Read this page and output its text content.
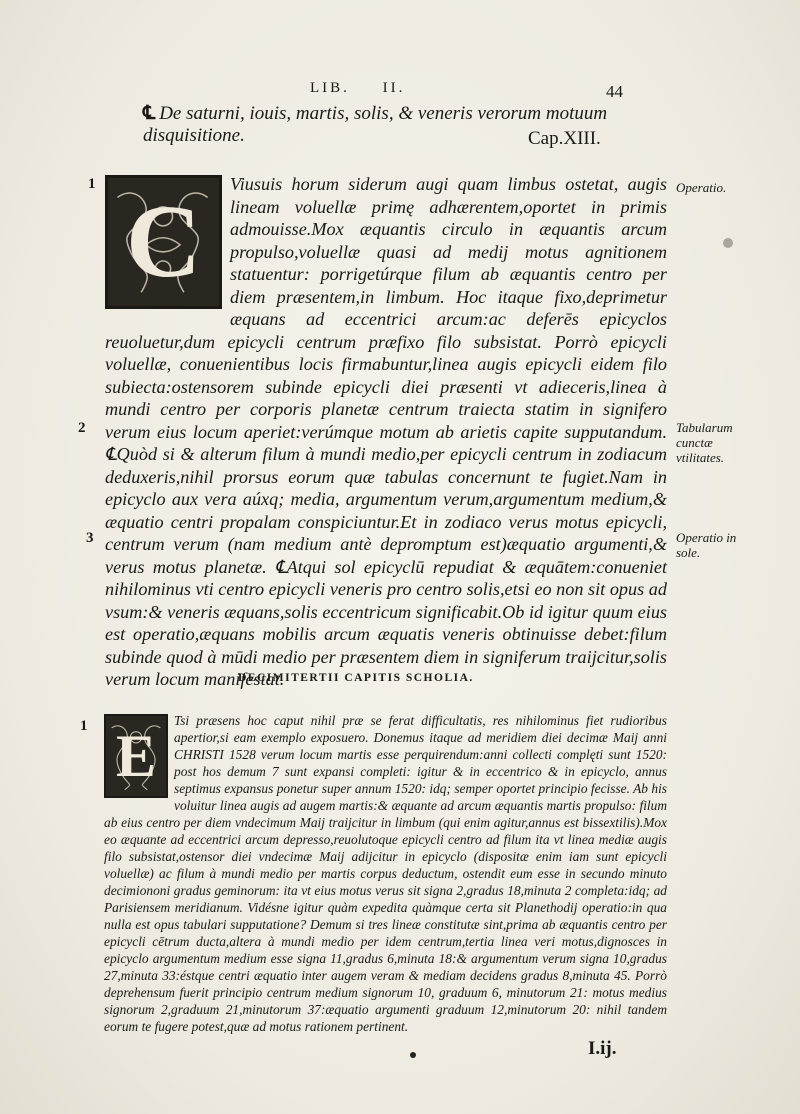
LIB. II.	44
℄ De saturni, iouis, martis, solis, & veneris verorum motuum disquisitione.	Cap.XIII.
1
2
3
Operatio.
Tabularum cunctæ vtilitates.
Operatio in sole.
C	Viusuis horum siderum augi quam limbus ostetat, augis lineam voluellæ primę adhærentem,oportet in primis admouisse.Mox æquantis circulo in æquantis arcum propulso,voluellæ quasi ad medij motus agnitionem statuentur: porrigetúrque filum ab æquantis centro per diem præsentem,in limbum. Hoc itaque fixo,deprimetur æquans ad eccentrici arcum:ac deferēs epicyclos reuoluetur,dum epicycli centrum præfixo filo subsistat. Porrò epicycli voluellæ, conuenientibus locis firmabuntur,linea augis epicycli eidem filo subiecta:ostensorem subinde epicycli diei præsenti vt adieceris,linea à mundi centro per corporis planetæ centrum traiecta statim in signifero verum eius locum aperiet:verúmque motum ab arietis capite supputandum. ℄Quòd si & alterum filum à mundi medio,per epicycli centrum in zodiacum deduxeris,nihil prorsus eorum quæ tabulas concernunt te fugiet.Nam in epicyclo aux vera aúxq; media, argumentum verum,argumentum medium,& æquatio centri propalam conspiciuntur.Et in zodiaco verus motus epicycli, centrum verum (nam medium antè depromptum est)æquatio argumenti,& verus motus planetæ. ℄Atqui sol epicyclū repudiat & æquātem:conueniet nihilominus vti centro epicycli veneris pro centro solis,etsi eo non sit opus ad vsum:& veneris æquans,solis eccentricum significabit.Ob id igitur quum eius est operatio,æquans mobilis arcum æquatis veneris obtinuisse debet:filum subinde quod à mūdi medio per præsentem diem in signiferum traijcitur,solis verum locum manifestat.

DECIMITERTII CAPITIS SCHOLIA.
1 E

Tsi præsens hoc caput nihil præ se ferat difficultatis, res nihilominus fiet rudioribus apertior,si eam exemplo exposuero. Donemus itaque ad meridiem diei decimæ Maij anni CHRISTI 1528 verum locum martis esse perquirendum:anni collecti complęti sunt 1520: post hos demum 7 sunt expansi completi: igitur & in eccentrico & in epicyclo, annus septimus expansus ponetur super annum 1520: idq; semper oportet principio fecisse. Ab his voluitur linea augis ad augem martis:& æquante ad arcum æquantis martis propulso: filum ab eius centro per diem vndecimum Maij traijcitur in limbum (qui enim agitur,annus est bissextilis).Mox eo æquante ad eccentrici arcum depresso,reuolutoque epicycli centro ad filum ita vt linea mediæ augis filo subsistat,ostensor diei vndecimæ Maij adijcitur in epicyclo (dispositæ enim iam sunt epicycli voluellæ) ac filum à mundi medio per martis corpus deductum, ostendit eum esse in secundo minuto decimiononi gradus geminorum: ita vt eius motus verus sit signa 2,gradus 18,minuta 2 completa:idq; ad Parisiensem meridianum. Vidésne igitur quàm expedita quàmque certa sit Planethodij operatio:in qua nulla est opus tabulari supputatione? Demum si tres lineæ constitutæ sint,prima ab æquantis centro per epicycli cētrum ducta,altera à mundi medio per idem centrum,tertia linea veri motus,dignosces in epicyclo argumentum medium esse signa 11,gradus 6,minuta 18:& argumentum verum signa 10,gradus 27,minuta 33:éstque centri æquatio inter augem veram & mediam decidens gradus 8,minuta 45. Porrò deprehensum fuerit principio centrum medium signorum 10, graduum 6, minutorum 21: motus medius signorum 2,graduum 21,minutorum 37:æquatio argumenti graduum 12,minutorum 20: nihil tandem eorum te fugere potest,quæ ad motus rationem pertinent.

I.ij.
